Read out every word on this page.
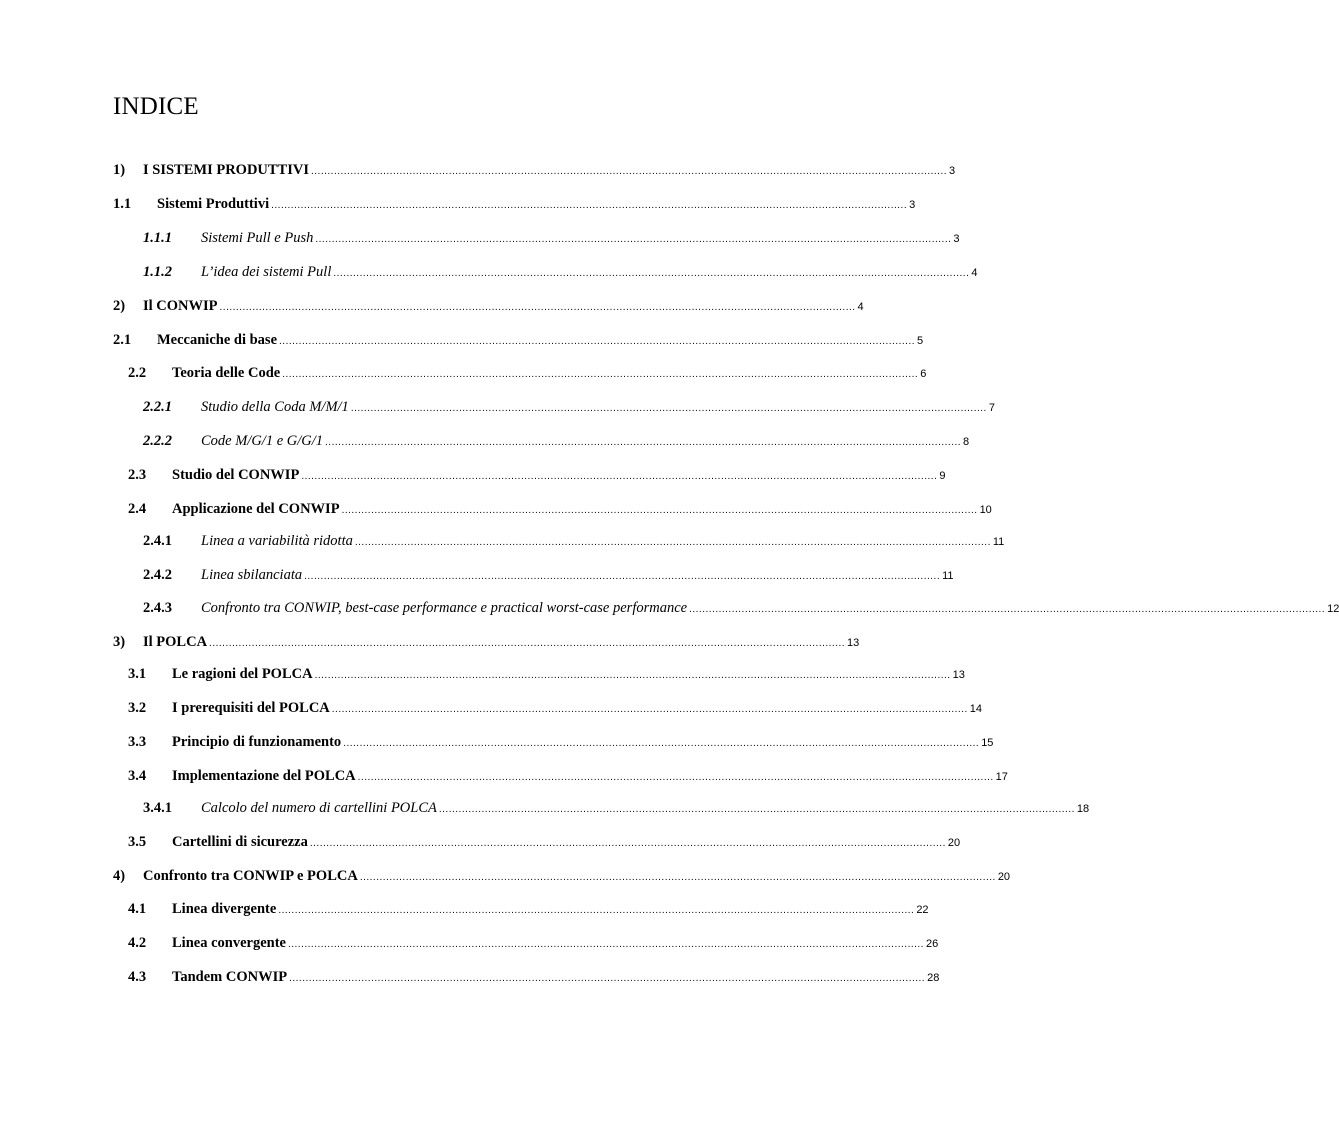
INDICE
1) I SISTEMI PRODUTTIVI .................................................................................................................................................................................................. 3
1.1 Sistemi Produttivi .................................................................................................................................................................................................. 3
1.1.1 Sistemi Pull e Push .................................................................................................................................................................................................. 3
1.1.2 L’idea dei sistemi Pull .................................................................................................................................................................................................. 4
2) Il CONWIP .................................................................................................................................................................................................. 4
2.1 Meccaniche di base .................................................................................................................................................................................................. 5
2.2 Teoria delle Code .................................................................................................................................................................................................. 6
2.2.1 Studio della Coda M/M/1 .................................................................................................................................................................................................. 7
2.2.2 Code M/G/1 e G/G/1 .................................................................................................................................................................................................. 8
2.3 Studio del CONWIP .................................................................................................................................................................................................. 9
2.4 Applicazione del CONWIP .................................................................................................................................................................................................. 10
2.4.1 Linea a variabilità ridotta .................................................................................................................................................................................................. 11
2.4.2 Linea sbilanciata .................................................................................................................................................................................................. 11
2.4.3 Confronto tra CONWIP, best-case performance e practical worst-case performance .................................................................................................................................................................................................. 12
3) Il POLCA .................................................................................................................................................................................................. 13
3.1 Le ragioni del POLCA .................................................................................................................................................................................................. 13
3.2 I prerequisiti del POLCA .................................................................................................................................................................................................. 14
3.3 Principio di funzionamento .................................................................................................................................................................................................. 15
3.4 Implementazione del POLCA .................................................................................................................................................................................................. 17
3.4.1 Calcolo del numero di cartellini POLCA .................................................................................................................................................................................................. 18
3.5 Cartellini di sicurezza .................................................................................................................................................................................................. 20
4) Confronto tra CONWIP e POLCA .................................................................................................................................................................................................. 20
4.1 Linea divergente .................................................................................................................................................................................................. 22
4.2 Linea convergente .................................................................................................................................................................................................. 26
4.3 Tandem CONWIP .................................................................................................................................................................................................. 28
